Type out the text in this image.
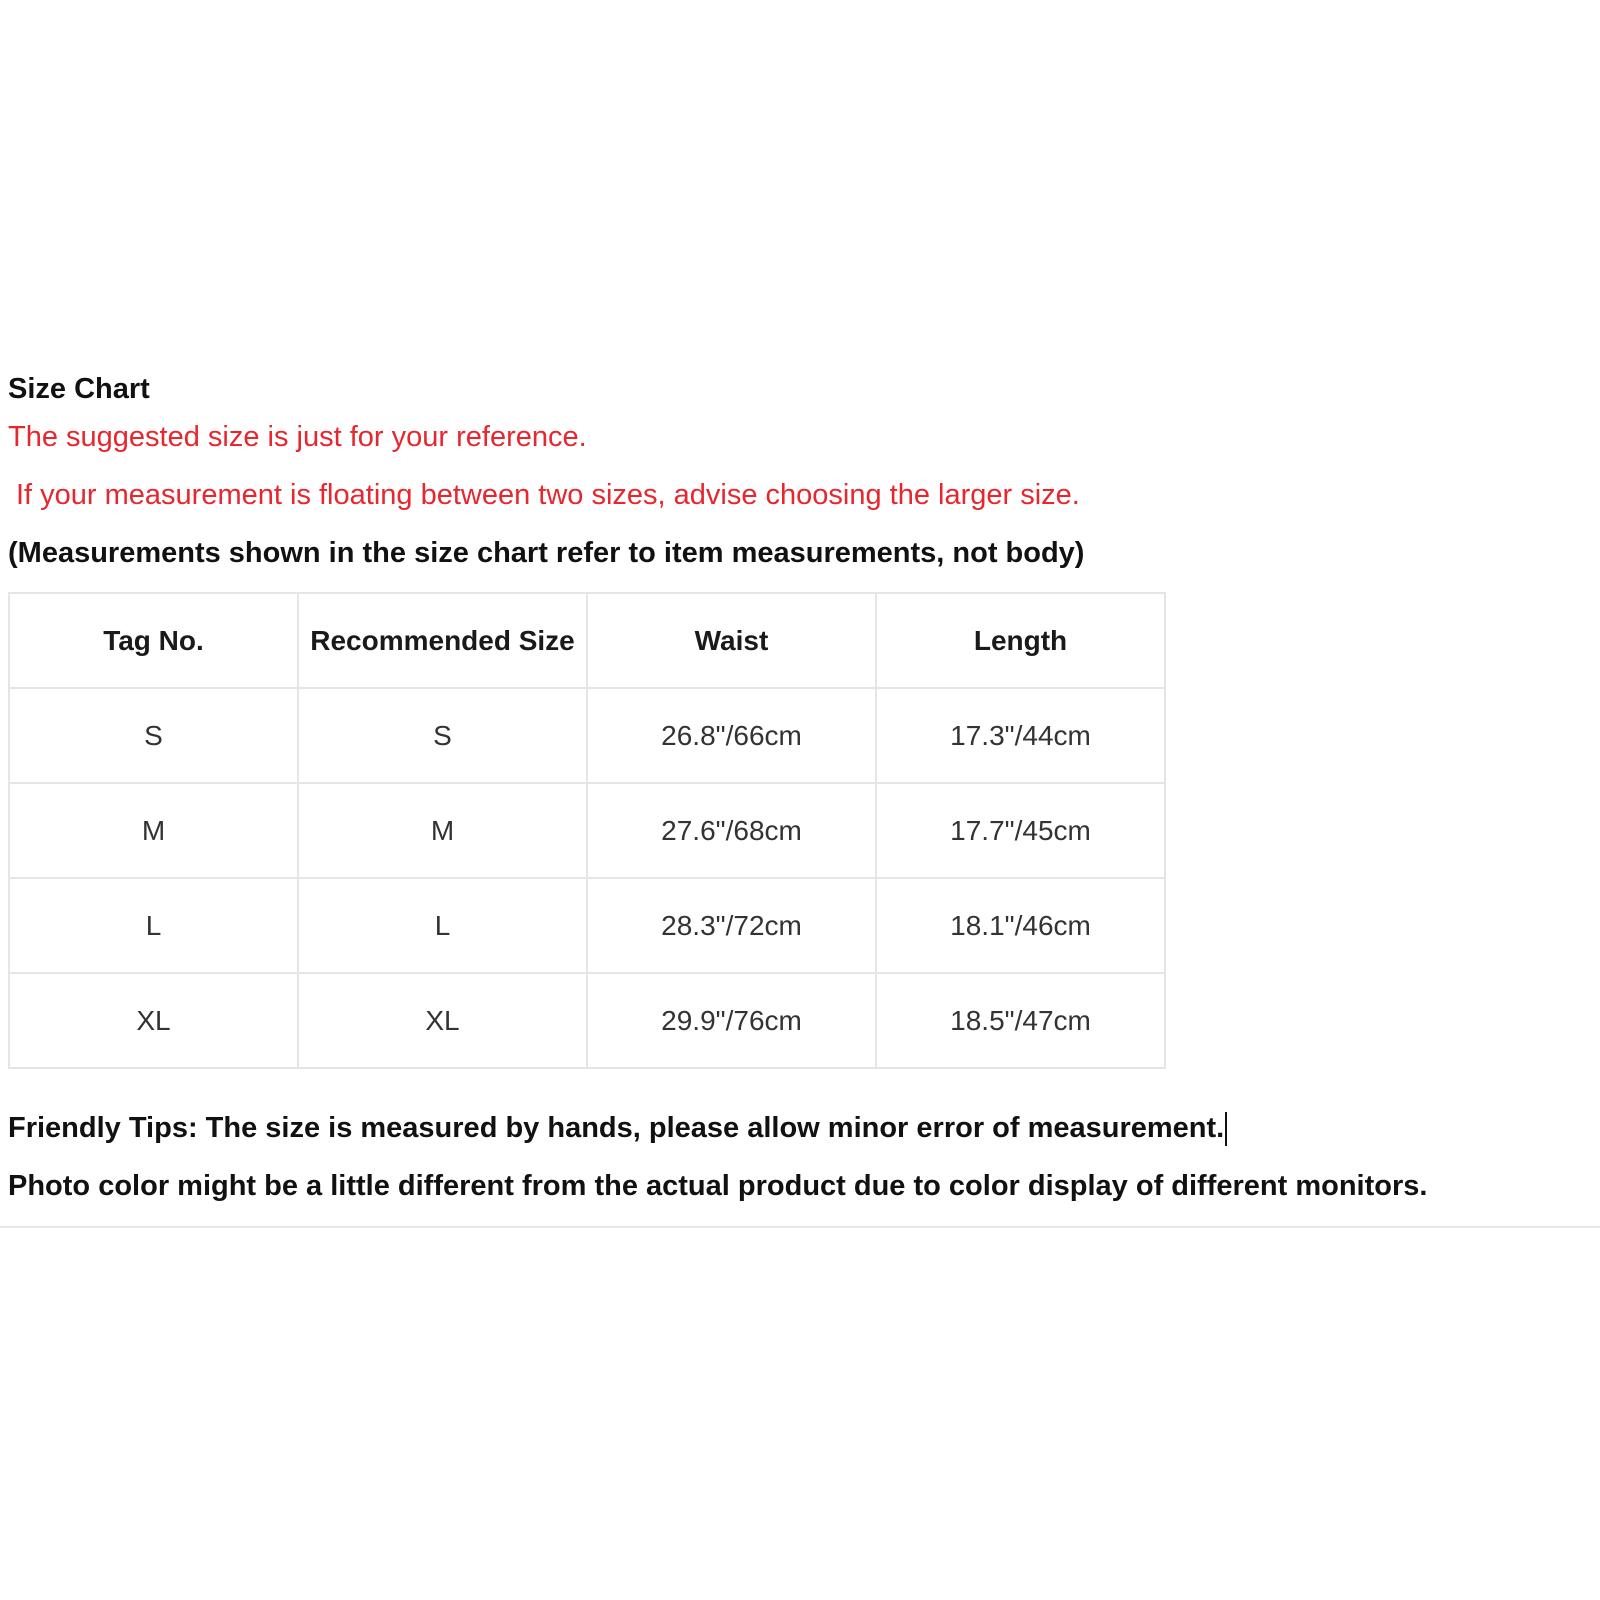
Size Chart

The suggested size is just for your reference.

If your measurement is floating between two sizes, advise choosing the larger size.

(Measurements shown in the size chart refer to item measurements, not body)

Tag No.	Recommended Size	Waist	Length
S	S	26.8"/66cm	17.3"/44cm
M	M	27.6"/68cm	17.7"/45cm
L	L	28.3"/72cm	18.1"/46cm
XL	XL	29.9"/76cm	18.5"/47cm

Friendly Tips: The size is measured by hands, please allow minor error of measurement.

Photo color might be a little different from the actual product due to color display of different monitors.
